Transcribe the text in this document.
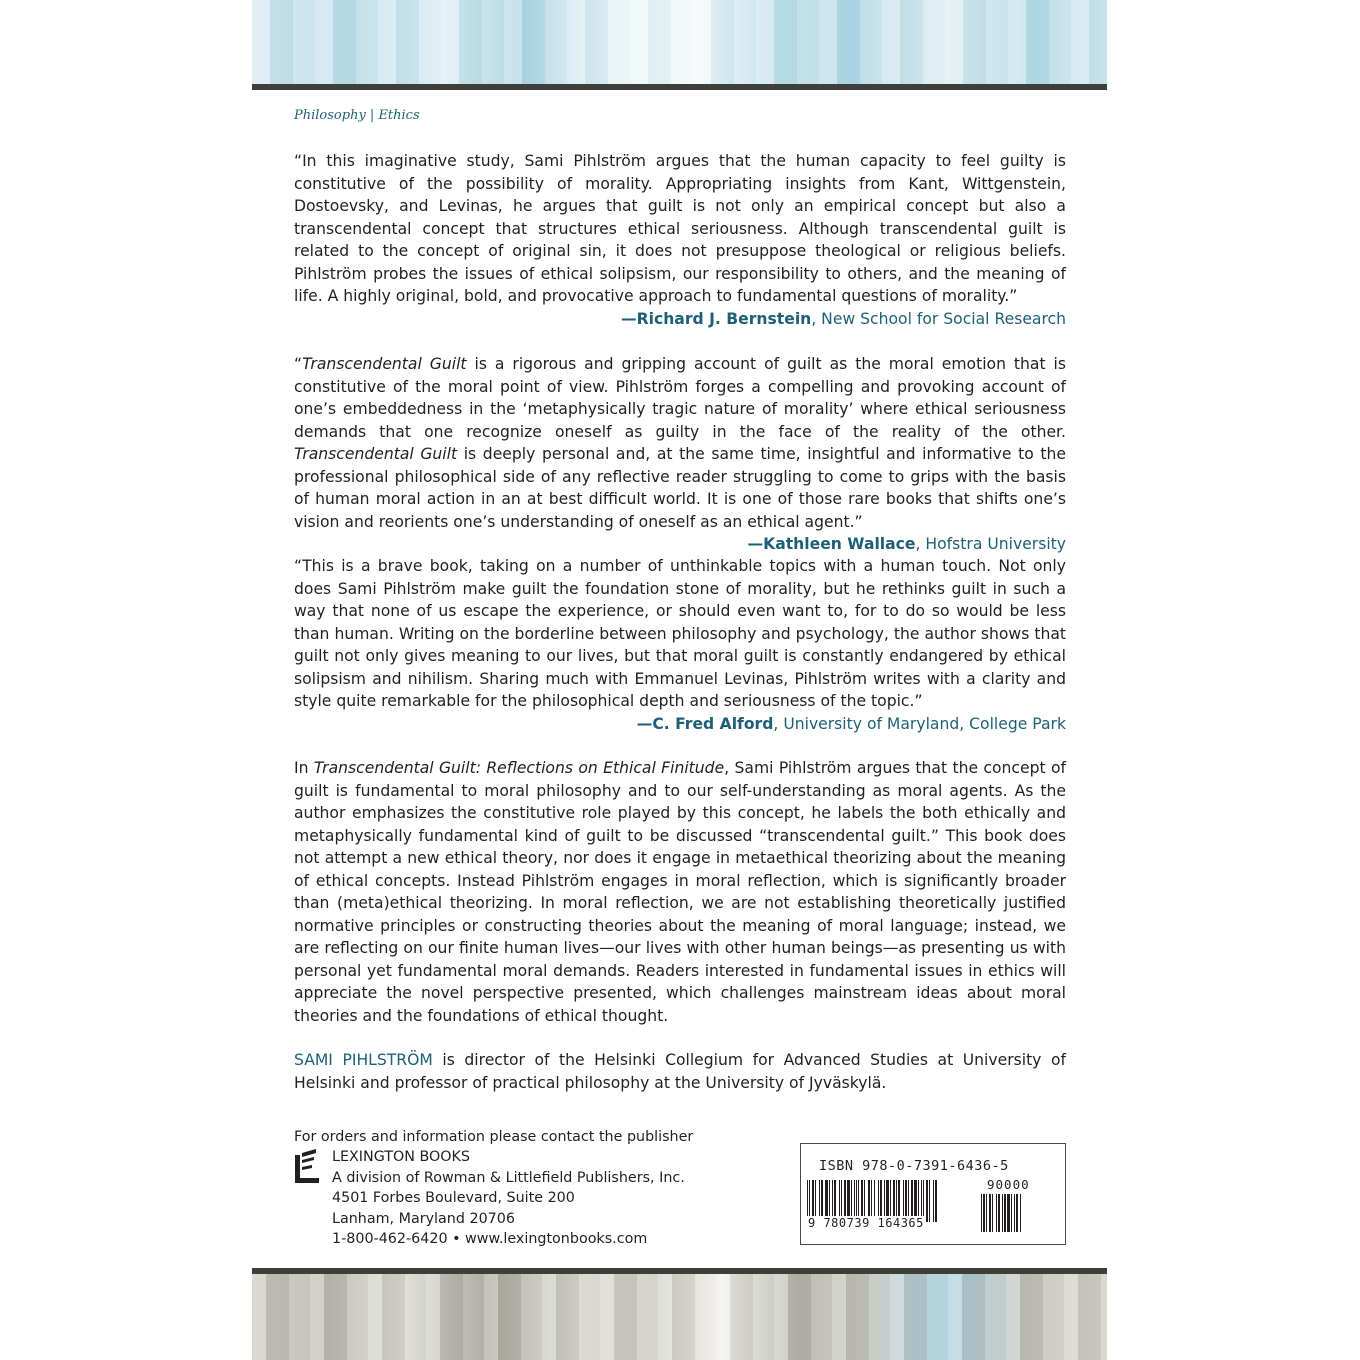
Philosophy | Ethics
“In this imaginative study, Sami Pihlström argues that the human capacity to feel guilty is constitutive of the possibility of morality. Appropriating insights from Kant, Wittgenstein, Dostoevsky, and Levinas, he argues that guilt is not only an empirical concept but also a transcendental concept that structures ethical seriousness. Although transcendental guilt is related to the concept of original sin, it does not presuppose theological or religious beliefs. Pihlström probes the issues of ethical solipsism, our responsibility to others, and the meaning of life. A highly original, bold, and provocative approach to fundamental questions of morality.”
—Richard J. Bernstein, New School for Social Research
“Transcendental Guilt is a rigorous and gripping account of guilt as the moral emotion that is constitutive of the moral point of view. Pihlström forges a compelling and provoking account of one’s embeddedness in the ‘metaphysically tragic nature of morality’ where ethical seriousness demands that one recognize oneself as guilty in the face of the reality of the other. Transcendental Guilt is deeply personal and, at the same time, insightful and informative to the professional philosophical side of any reflective reader struggling to come to grips with the basis of human moral action in an at best difficult world. It is one of those rare books that shifts one’s vision and reorients one’s understanding of oneself as an ethical agent.”
—Kathleen Wallace, Hofstra University
“This is a brave book, taking on a number of unthinkable topics with a human touch. Not only does Sami Pihlström make guilt the foundation stone of morality, but he rethinks guilt in such a way that none of us escape the experience, or should even want to, for to do so would be less than human. Writing on the borderline between philosophy and psychology, the author shows that guilt not only gives meaning to our lives, but that moral guilt is constantly endangered by ethical solipsism and nihilism. Sharing much with Emmanuel Levinas, Pihlström writes with a clarity and style quite remarkable for the philosophical depth and seriousness of the topic.”
—C. Fred Alford, University of Maryland, College Park
In Transcendental Guilt: Reflections on Ethical Finitude, Sami Pihlström argues that the concept of guilt is fundamental to moral philosophy and to our self-understanding as moral agents. As the author emphasizes the constitutive role played by this concept, he labels the both ethically and metaphysically fundamental kind of guilt to be discussed “transcendental guilt.” This book does not attempt a new ethical theory, nor does it engage in metaethical theorizing about the meaning of ethical concepts. Instead Pihlström engages in moral reflection, which is significantly broader than (meta)ethical theorizing. In moral reflection, we are not establishing theoretically justified normative principles or constructing theories about the meaning of moral language; instead, we are reflecting on our finite human lives—our lives with other human beings—as presenting us with personal yet fundamental moral demands. Readers interested in fundamental issues in ethics will appreciate the novel perspective presented, which challenges mainstream ideas about moral theories and the foundations of ethical thought.
SAMI PIHLSTRÖM is director of the Helsinki Collegium for Advanced Studies at University of Helsinki and professor of practical philosophy at the University of Jyväskylä.
For orders and information please contact the publisher
LEXINGTON BOOKS
A division of Rowman & Littlefield Publishers, Inc.
4501 Forbes Boulevard, Suite 200
Lanham, Maryland 20706
1-800-462-6420 • www.lexingtonbooks.com
ISBN 978-0-7391-6436-5
90000
9 780739 164365
